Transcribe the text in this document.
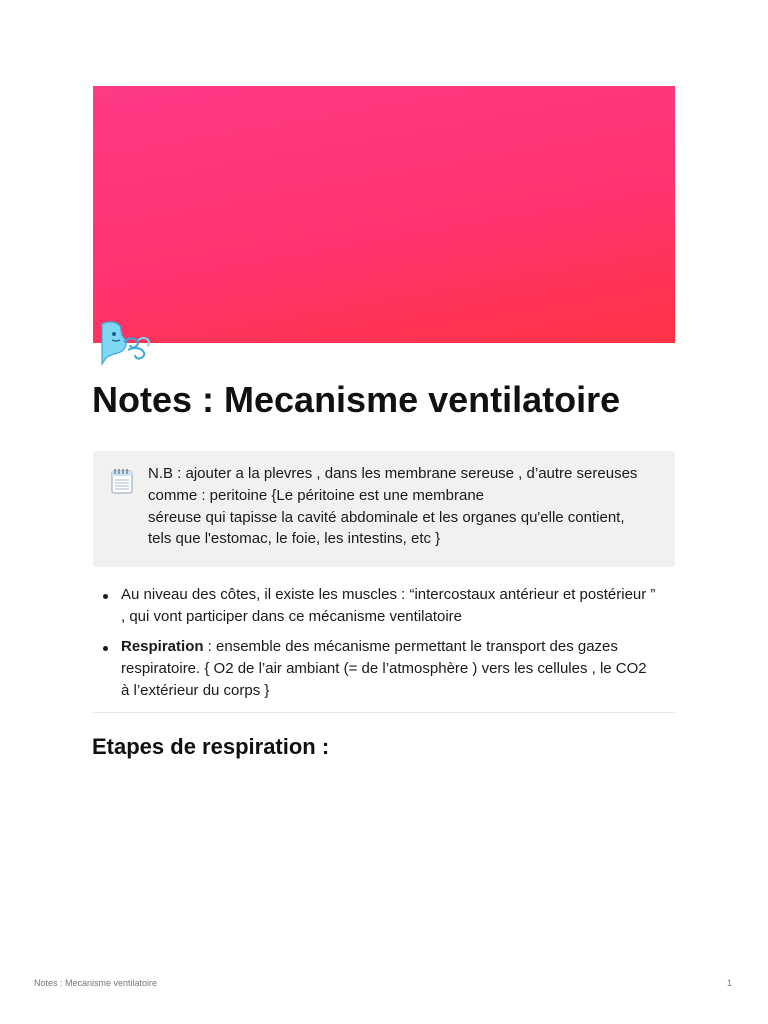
Notes : Mecanisme ventilatoire
N.B : ajouter a la plevres , dans les membrane sereuse , d’autre sereuses
comme : peritoine {Le péritoine est une membrane
séreuse qui tapisse la cavité abdominale et les organes qu'elle contient,
tels que l'estomac, le foie, les intestins, etc }
Au niveau des côtes, il existe les muscles : “intercostaux antérieur et postérieur ”
, qui vont participer dans ce mécanisme ventilatoire
Respiration : ensemble des mécanisme permettant le transport des gazes
respiratoire. { O2 de l’air ambiant (= de l’atmosphère ) vers les cellules , le CO2
à l’extérieur du corps }
Etapes de respiration :
Notes : Mecanisme ventilatoire	1
